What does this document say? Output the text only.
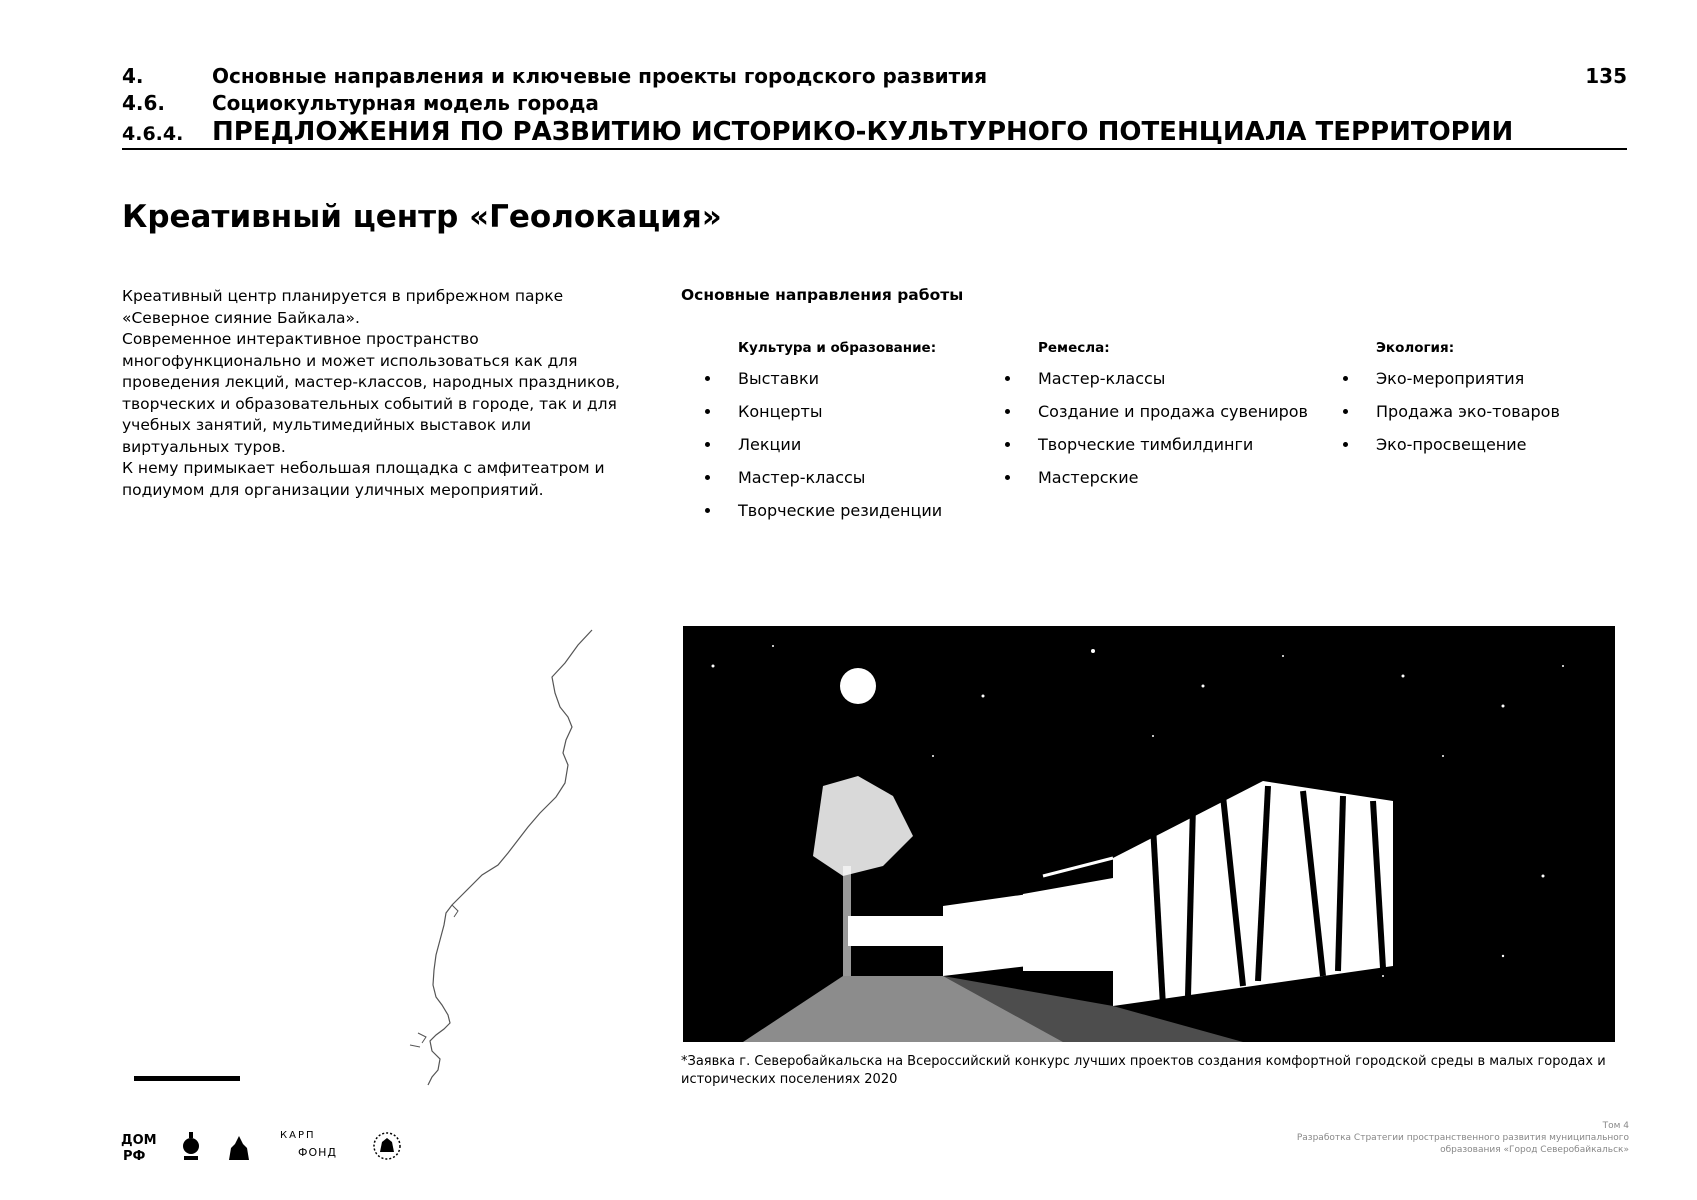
4.	Основные направления и ключевые проекты городского развития
4.6.	Социокультурная модель города
4.6.4.	ПРЕДЛОЖЕНИЯ ПО РАЗВИТИЮ ИСТОРИКО-КУЛЬТУРНОГО ПОТЕНЦИАЛА ТЕРРИТОРИИ
135
Креативный центр «Геолокация»

Креативный центр планируется в прибрежном парке «Северное сияние Байкала».

Современное интерактивное пространство многофункционально и может использоваться как для проведения лекций, мастер-классов, народных праздников, творческих и образовательных событий в городе, так и для учебных занятий, мультимедийных выставок или виртуальных туров.

К нему примыкает небольшая площадка с амфитеатром и подиумом для организации уличных мероприятий.

Основные направления работы
Культура и образование:
Выставки
Концерты
Лекции
Мастер-классы
Творческие резиденции
Ремесла:
Мастер-классы
Создание и продажа сувениров
Творческие тимбилдинги
Мастерские
Экология:
Эко-мероприятия
Продажа эко-товаров
Эко-просвещение
*Заявка г. Северобайкальска на Всероссийский конкурс лучших проектов создания комфортной городской среды в малых городах и исторических поселениях 2020
ДОМ
РФ
КАРП
ФОНД
Том 4
Разработка Стратегии пространственного развития муниципального
образования «Город Северобайкальск»
